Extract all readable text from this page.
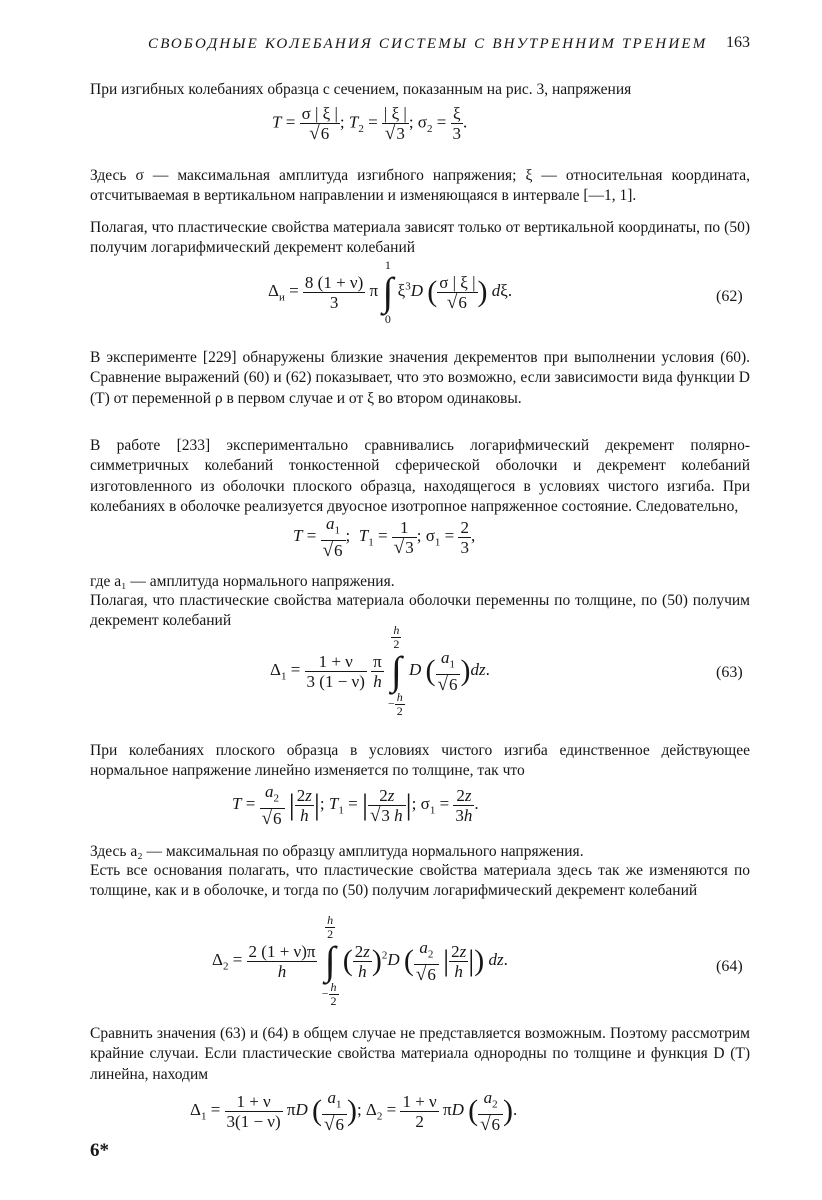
СВОБОДНЫЕ КОЛЕБАНИЯ СИСТЕМЫ С ВНУТРЕННИМ ТРЕНИЕМ 163
При изгибных колебаниях образца с сечением, показанным на рис. 3, напряжения
$T = \frac{\sigma | \xi |}{√6}$ ; $T_2 = \frac{| \xi |}{√3}$ ; $\sigma_2 = \frac{\xi}{3}$ .
Здесь σ — максимальная амплитуда изгибного напряжения; ξ — относительная координата, отсчитываемая в вертикальном направлении и изменяющаяся в интервале [—1, 1].
Полагая, что пластические свойства материала зависят только от вертикальной координаты, по (50) получим логарифмический декремент колебаний
$\Delta_и = \frac{8 (1 + \nu)}{3}$ π
1
∫
0
$\xi^3D$ ( $\frac{\sigma | \xi |}{√6}$ ) dξ.	(62)
В эксперименте [229] обнаружены близкие значения декрементов при выполнении условия (60). Сравнение выражений (60) и (62) показывает, что это возможно, если зависимости вида функции D (T) от переменной ρ в первом случае и от ξ во втором одинаковы.
В работе [233] экспериментально сравнивались логарифмический декремент полярно-симметричных колебаний тонкостенной сферической оболочки и декремент колебаний изготовленного из оболочки плоского образца, находящегося в условиях чистого изгиба. При колебаниях в оболочке реализуется двуосное изотропное напряженное состояние. Следовательно,
$T = \frac{a_1}{√6}$ ;  $T_1 = \frac{1}{√3}$ ; $\sigma_1 = \frac{2}{3}$ ,
где a₁ — амплитуда нормального напряжения.
Полагая, что пластические свойства материала оболочки переменны по толщине, по (50) получим декремент колебаний
$\Delta_1 = \frac{1 + \nu}{3 (1 - \nu)}$
$\frac{\pi}{h}$

$\frac{h}{2}$
∫
− $\frac{h}{2}$
D ( $\frac{a_1}{√6} )dz$.	(63)
При колебаниях плоского образца в условиях чистого изгиба единственное действующее нормальное напряжение линейно изменяется по толщине, так что
$T = \frac{a_2}{√6}$ | $\frac{2z}{h}$ |; $T_1$ = | $\frac{2z}{√3 h}$ |; $\sigma_1 = \frac{2z}{3h}$ .
Здесь a₂ — максимальная по образцу амплитуда нормального напряжения.
Есть все основания полагать, что пластические свойства материала здесь так же изменяются по толщине, как и в оболочке, и тогда по (50) получим логарифмический декремент колебаний
$\Delta_2 = \frac{2 (1 + \nu)\pi}{h}$

$\frac{h}{2}$
∫
− $\frac{h}{2}$
( $\frac{2z}{h} )^2D$ ( $\frac{a_2}{√6}$ | $\frac{2z}{h}$ |) dz.	(64)
Сравнить значения (63) и (64) в общем случае не представляется возможным. Поэтому рассмотрим крайние случаи. Если пластические свойства материала однородны по толщине и функция D (T) линейна, находим
$\Delta_1 = \frac{1 + \nu}{3(1 - \nu)}$ πD ( $\frac{a_1}{√6}$ ); $\Delta_2 = \frac{1 + \nu}{2}$ πD ( $\frac{a_2}{√6}$ ).
6*
